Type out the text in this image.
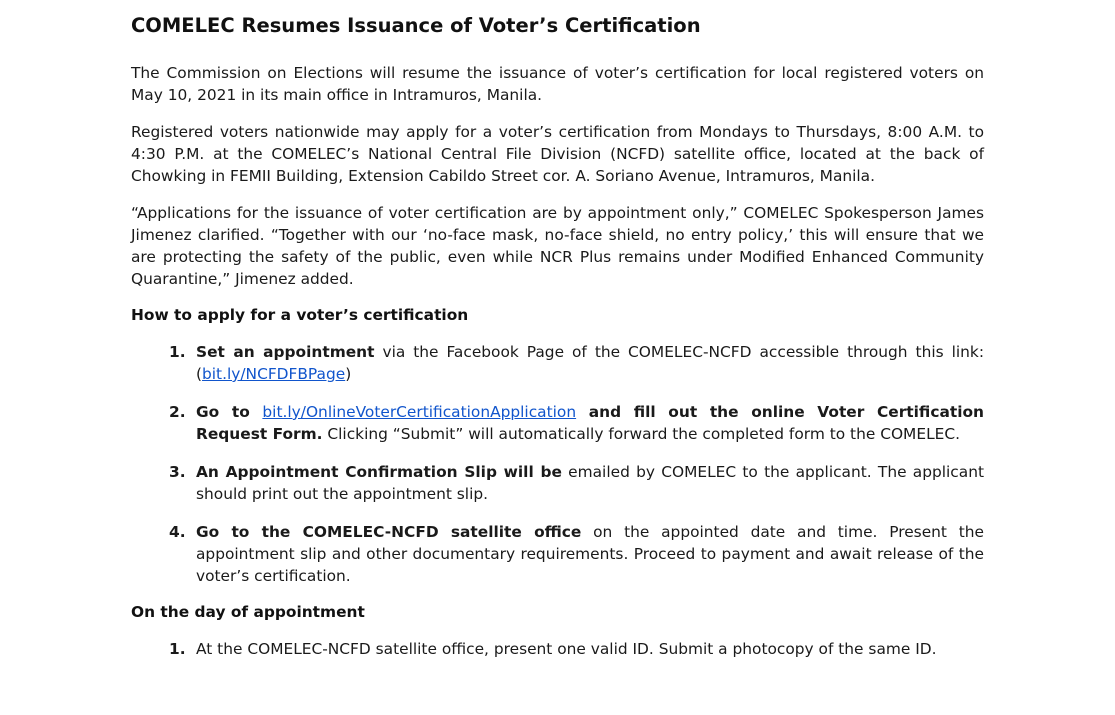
COMELEC Resumes Issuance of Voter’s Certification

The Commission on Elections will resume the issuance of voter’s certification for local registered voters on May 10, 2021 in its main office in Intramuros, Manila.

Registered voters nationwide may apply for a voter’s certification from Mondays to Thursdays, 8:00 A.M. to 4:30 P.M. at the COMELEC’s National Central File Division (NCFD) satellite office, located at the back of Chowking in FEMII Building, Extension Cabildo Street cor. A. Soriano Avenue, Intramuros, Manila.

“Applications for the issuance of voter certification are by appointment only,” COMELEC Spokesperson James Jimenez clarified. “Together with our ‘no-face mask, no-face shield, no entry policy,’ this will ensure that we are protecting the safety of the public, even while NCR Plus remains under Modified Enhanced Community Quarantine,” Jimenez added.

How to apply for a voter’s certification
1. Set an appointment via the Facebook Page of the COMELEC-NCFD accessible through this link: (bit.ly/NCFDFBPage)
2. Go to bit.ly/OnlineVoterCertificationApplication and fill out the online Voter Certification Request Form. Clicking “Submit” will automatically forward the completed form to the COMELEC.
3. An Appointment Confirmation Slip will be emailed by COMELEC to the applicant. The applicant should print out the appointment slip.
4. Go to the COMELEC-NCFD satellite office on the appointed date and time. Present the appointment slip and other documentary requirements. Proceed to payment and await release of the voter’s certification.
On the day of appointment
1. At the COMELEC-NCFD satellite office, present one valid ID. Submit a photocopy of the same ID.
